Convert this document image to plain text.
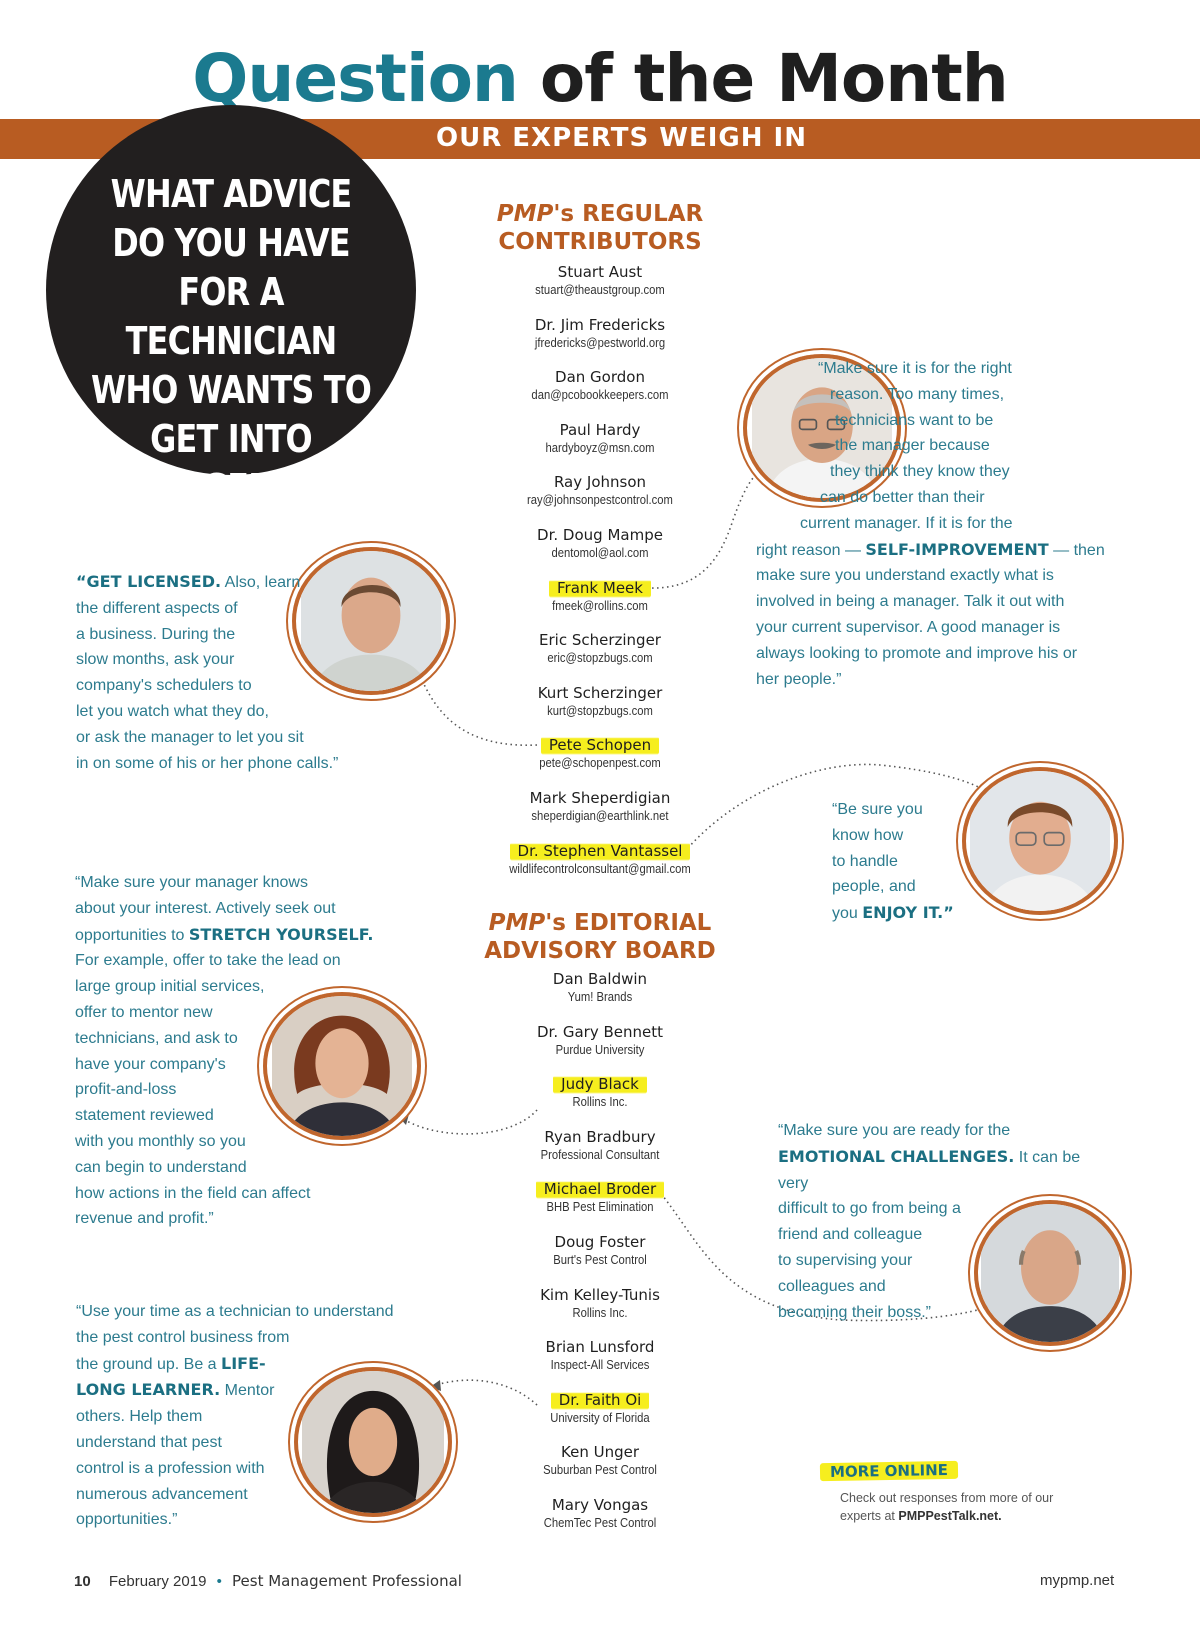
Question of the Month
OUR EXPERTS WEIGH IN
WHAT ADVICE DO YOU HAVE FOR A TECHNICIAN WHO WANTS TO GET INTO MANAGEMENT?
PMP's REGULAR
CONTRIBUTORS
Stuart Aust

stuart@theaustgroup.com
Dr. Jim Fredericks

jfredericks@pestworld.org
Dan Gordon

dan@pcobookkeepers.com
Paul Hardy

hardyboyz@msn.com
Ray Johnson

ray@johnsonpestcontrol.com
Dr. Doug Mampe

dentomol@aol.com
Frank Meek

fmeek@rollins.com
Eric Scherzinger

eric@stopzbugs.com
Kurt Scherzinger

kurt@stopzbugs.com
Pete Schopen

pete@schopenpest.com
Mark Sheperdigian

sheperdigian@earthlink.net
Dr. Stephen Vantassel

wildlifecontrolconsultant@gmail.com
PMP's EDITORIAL
ADVISORY BOARD
Dan Baldwin

Yum! Brands
Dr. Gary Bennett

Purdue University
Judy Black

Rollins Inc.
Ryan Bradbury

Professional Consultant
Michael Broder

BHB Pest Elimination
Doug Foster

Burt's Pest Control
Kim Kelley-Tunis

Rollins Inc.
Brian Lunsford

Inspect-All Services
Dr. Faith Oi

University of Florida
Ken Unger

Suburban Pest Control
Mary Vongas

ChemTec Pest Control
“Make sure it is for the right
reason. Too many times,
technicians want to be
the manager because
they think they know they
can do better than their
current manager. If it is for the
right reason — SELF-IMPROVEMENT — then
make sure you understand exactly what is
involved in being a manager. Talk it out with
your current supervisor. A good manager is
always looking to promote and improve his or
her people.”
“GET LICENSED. Also, learn
the different aspects of
a business. During the
slow months, ask your
company's schedulers to
let you watch what they do,
or ask the manager to let you sit
in on some of his or her phone calls.”
“Be sure you
know how
to handle
people, and
you ENJOY IT.”
“Make sure your manager knows
about your interest. Actively seek out
opportunities to STRETCH YOURSELF.
For example, offer to take the lead on
large group initial services,
offer to mentor new
technicians, and ask to
have your company's
profit-and-loss
statement reviewed
with you monthly so you
can begin to understand
how actions in the field can affect
revenue and profit.”
“Make sure you are ready for the
EMOTIONAL CHALLENGES. It can be very
difficult to go from being a
friend and colleague
to supervising your
colleagues and
becoming their boss.”
“Use your time as a technician to understand
the pest control business from
the ground up. Be a LIFE-
LONG LEARNER. Mentor
others. Help them
understand that pest
control is a profession with
numerous advancement
opportunities.”
MORE ONLINE
Check out responses from more of our experts at PMPPestTalk.net.
10 February 2019 • Pest Management Professional	mypmp.net
